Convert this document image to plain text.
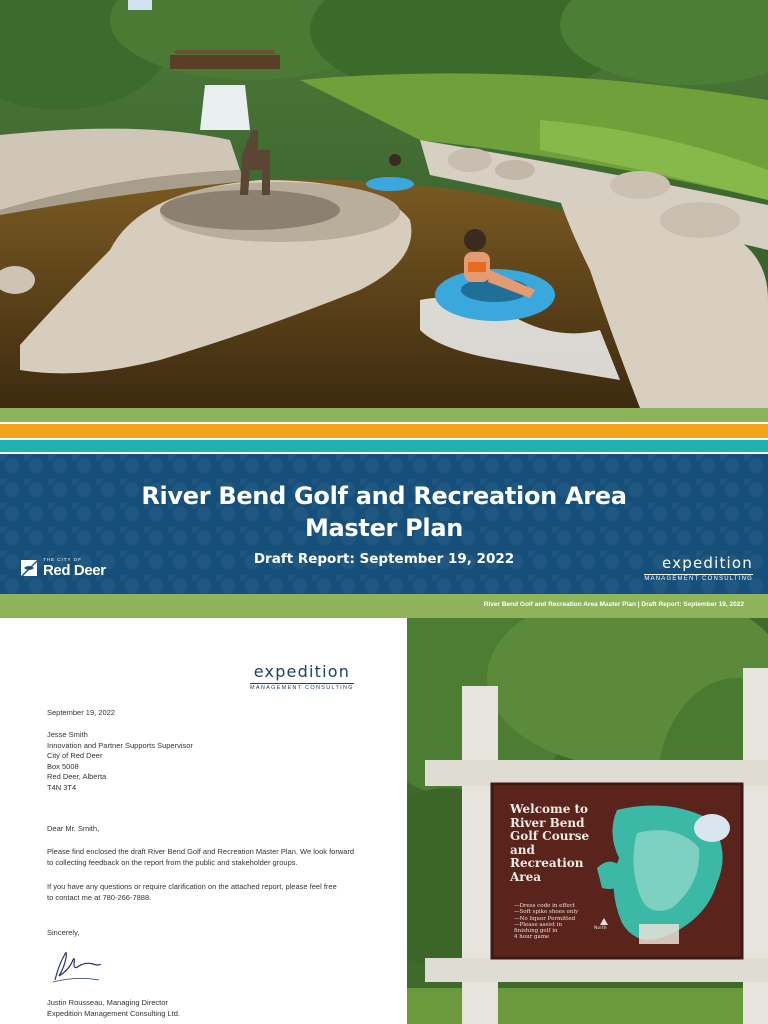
River Bend Golf and Recreation Area
Master Plan
Draft Report: September 19, 2022
THE CITY OF
Red Deer	expedition
MANAGEMENT CONSULTING
River Bend Golf and Recreation Area Master Plan | Draft Report: September 19, 2022
expedition
MANAGEMENT CONSULTING
September 19, 2022
Jesse Smith
Innovation and Partner Supports Supervisor
City of Red Deer
Box 5008
Red Deer, Alberta
T4N 3T4
Dear Mr. Smith,
Please find enclosed the draft River Bend Golf and Recreation Master Plan. We look forward
to collecting feedback on the report from the public and stakeholder groups.
If you have any questions or require clarification on the attached report, please feel free
to contact me at 780-266-7888.
Sincerely,
Justin Rousseau, Managing Director
Expedition Management Consulting Ltd.
Welcome to
River Bend
Golf Course
and
Recreation
Area
—Dress code in effect
—Soft spike shoes only
—No liquor Permitted
—Please assist in
finishing golf in
4 hour game
North
